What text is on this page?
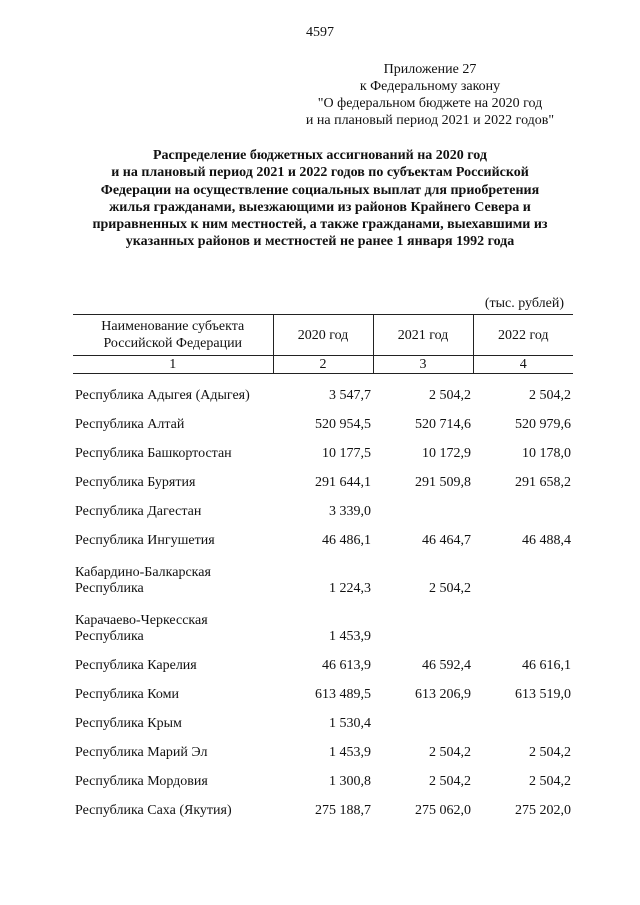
4597
Приложение 27
к Федеральному закону
"О федеральном бюджете на 2020 год
и на плановый период 2021 и 2022 годов"
Распределение бюджетных ассигнований на 2020 год
и на плановый период 2021 и 2022 годов по субъектам Российской
Федерации на осуществление социальных выплат для приобретения
жилья гражданами, выезжающими из районов Крайнего Севера и
приравненных к ним местностей, а также гражданами, выехавшими из
указанных районов и местностей не ранее 1 января 1992 года
(тыс. рублей)
Наименование субъекта
Российской Федерации	2020 год	2021 год	2022 год
1	2	3	4

Республика Адыгея (Адыгея)	3 547,7	2 504,2	2 504,2

Республика Алтай	520 954,5	520 714,6	520 979,6

Республика Башкортостан	10 177,5	10 172,9	10 178,0

Республика Бурятия	291 644,1	291 509,8	291 658,2

Республика Дагестан	3 339,0		

Республика Ингушетия	46 486,1	46 464,7	46 488,4

Кабардино-Балкарская
Республика	1 224,3	2 504,2	

Карачаево-Черкесская
Республика	1 453,9		

Республика Карелия	46 613,9	46 592,4	46 616,1

Республика Коми	613 489,5	613 206,9	613 519,0

Республика Крым	1 530,4		

Республика Марий Эл	1 453,9	2 504,2	2 504,2

Республика Мордовия	1 300,8	2 504,2	2 504,2

Республика Саха (Якутия)	275 188,7	275 062,0	275 202,0
